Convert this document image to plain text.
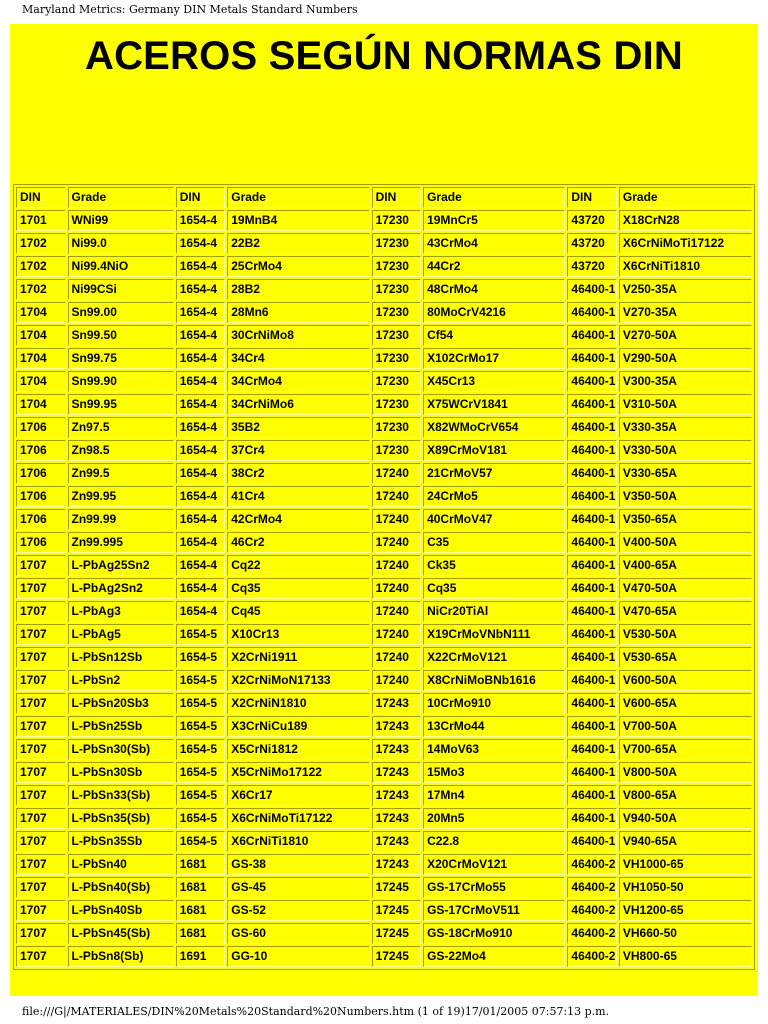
Maryland Metrics: Germany DIN Metals Standard Numbers
ACEROS SEGÚN NORMAS DIN
DIN	Grade	DIN	Grade	DIN	Grade	DIN	Grade
1701	WNi99	1654-4	19MnB4	17230	19MnCr5	43720	X18CrN28
1702	Ni99.0	1654-4	22B2	17230	43CrMo4	43720	X6CrNiMoTi17122
1702	Ni99.4NiO	1654-4	25CrMo4	17230	44Cr2	43720	X6CrNiTi1810
1702	Ni99CSi	1654-4	28B2	17230	48CrMo4	46400-1	V250-35A
1704	Sn99.00	1654-4	28Mn6	17230	80MoCrV4216	46400-1	V270-35A
1704	Sn99.50	1654-4	30CrNiMo8	17230	Cf54	46400-1	V270-50A
1704	Sn99.75	1654-4	34Cr4	17230	X102CrMo17	46400-1	V290-50A
1704	Sn99.90	1654-4	34CrMo4	17230	X45Cr13	46400-1	V300-35A
1704	Sn99.95	1654-4	34CrNiMo6	17230	X75WCrV1841	46400-1	V310-50A
1706	Zn97.5	1654-4	35B2	17230	X82WMoCrV654	46400-1	V330-35A
1706	Zn98.5	1654-4	37Cr4	17230	X89CrMoV181	46400-1	V330-50A
1706	Zn99.5	1654-4	38Cr2	17240	21CrMoV57	46400-1	V330-65A
1706	Zn99.95	1654-4	41Cr4	17240	24CrMo5	46400-1	V350-50A
1706	Zn99.99	1654-4	42CrMo4	17240	40CrMoV47	46400-1	V350-65A
1706	Zn99.995	1654-4	46Cr2	17240	C35	46400-1	V400-50A
1707	L-PbAg25Sn2	1654-4	Cq22	17240	Ck35	46400-1	V400-65A
1707	L-PbAg2Sn2	1654-4	Cq35	17240	Cq35	46400-1	V470-50A
1707	L-PbAg3	1654-4	Cq45	17240	NiCr20TiAl	46400-1	V470-65A
1707	L-PbAg5	1654-5	X10Cr13	17240	X19CrMoVNbN111	46400-1	V530-50A
1707	L-PbSn12Sb	1654-5	X2CrNi1911	17240	X22CrMoV121	46400-1	V530-65A
1707	L-PbSn2	1654-5	X2CrNiMoN17133	17240	X8CrNiMoBNb1616	46400-1	V600-50A
1707	L-PbSn20Sb3	1654-5	X2CrNiN1810	17243	10CrMo910	46400-1	V600-65A
1707	L-PbSn25Sb	1654-5	X3CrNiCu189	17243	13CrMo44	46400-1	V700-50A
1707	L-PbSn30(Sb)	1654-5	X5CrNi1812	17243	14MoV63	46400-1	V700-65A
1707	L-PbSn30Sb	1654-5	X5CrNiMo17122	17243	15Mo3	46400-1	V800-50A
1707	L-PbSn33(Sb)	1654-5	X6Cr17	17243	17Mn4	46400-1	V800-65A
1707	L-PbSn35(Sb)	1654-5	X6CrNiMoTi17122	17243	20Mn5	46400-1	V940-50A
1707	L-PbSn35Sb	1654-5	X6CrNiTi1810	17243	C22.8	46400-1	V940-65A
1707	L-PbSn40	1681	GS-38	17243	X20CrMoV121	46400-2	VH1000-65
1707	L-PbSn40(Sb)	1681	GS-45	17245	GS-17CrMo55	46400-2	VH1050-50
1707	L-PbSn40Sb	1681	GS-52	17245	GS-17CrMoV511	46400-2	VH1200-65
1707	L-PbSn45(Sb)	1681	GS-60	17245	GS-18CrMo910	46400-2	VH660-50
1707	L-PbSn8(Sb)	1691	GG-10	17245	GS-22Mo4	46400-2	VH800-65
file:///G|/MATERIALES/DIN%20Metals%20Standard%20Numbers.htm (1 of 19)17/01/2005 07:57:13 p.m.
